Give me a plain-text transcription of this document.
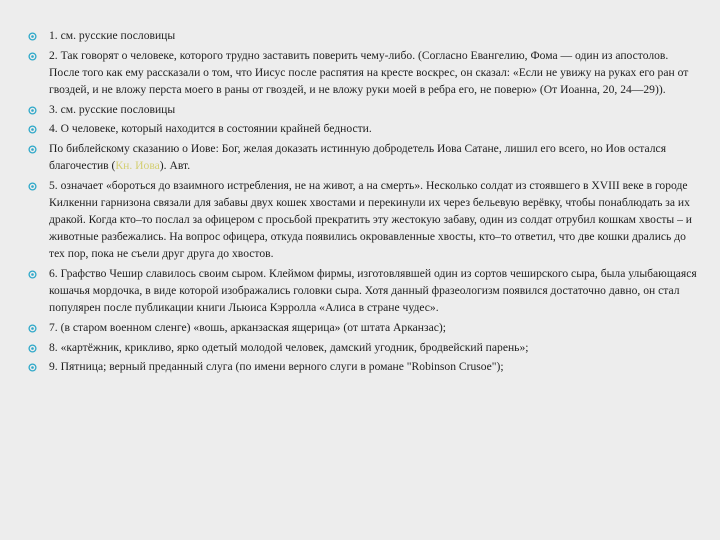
1. см. русские пословицы
2. Так говорят о человеке, которого трудно заставить поверить чему-либо. (Согласно Евангелию, Фома — один из апостолов. После того как ему рассказали о том, что Иисус после распятия на кресте воскрес, он сказал: «Если не увижу на руках его ран от гвоздей, и не вложу перста моего в раны от гвоздей, и не вложу руки моей в ребра его, не поверю» (От Иоанна, 20, 24—29)).
3. см. русские пословицы
4. О человеке, который находится в состоянии крайней бедности.
По библейскому сказанию о Иове: Бог, желая доказать истинную добродетель Иова Сатане, лишил его всего, но Иов остался благочестив (Кн. Иова). Авт.
5. означает «бороться до взаимного истребления, не на живот, а на смерть». Несколько солдат из стоявшего в XVIII веке в городе Килкенни гарнизона связали для забавы двух кошек хвостами и перекинули их через бельевую верёвку, чтобы понаблюдать за их дракой. Когда кто–то послал за офицером с просьбой прекратить эту жестокую забаву, один из солдат отрубил кошкам хвосты – и животные разбежались. На вопрос офицера, откуда появились окровавленные хвосты, кто–то ответил, что две кошки дрались до тех пор, пока не съели друг друга до хвостов.
6. Графство Чешир славилось своим сыром. Клеймом фирмы, изготовлявшей один из сортов чеширского сыра, была улыбающаяся кошачья мордочка, в виде которой изображались головки сыра. Хотя данный фразеологизм появился достаточно давно, он стал популярен после публикации книги Льюиса Кэрролла «Алиса в стране чудес».
7. (в старом военном сленге) «вошь, арканзаская ящерица» (от штата Арканзас);
8. «картёжник, крикливо, ярко одетый молодой человек, дамский угодник, бродвейский парень»;
9. Пятница; верный преданный слуга (по имени верного слуги в романе "Robinson Crusoe");
